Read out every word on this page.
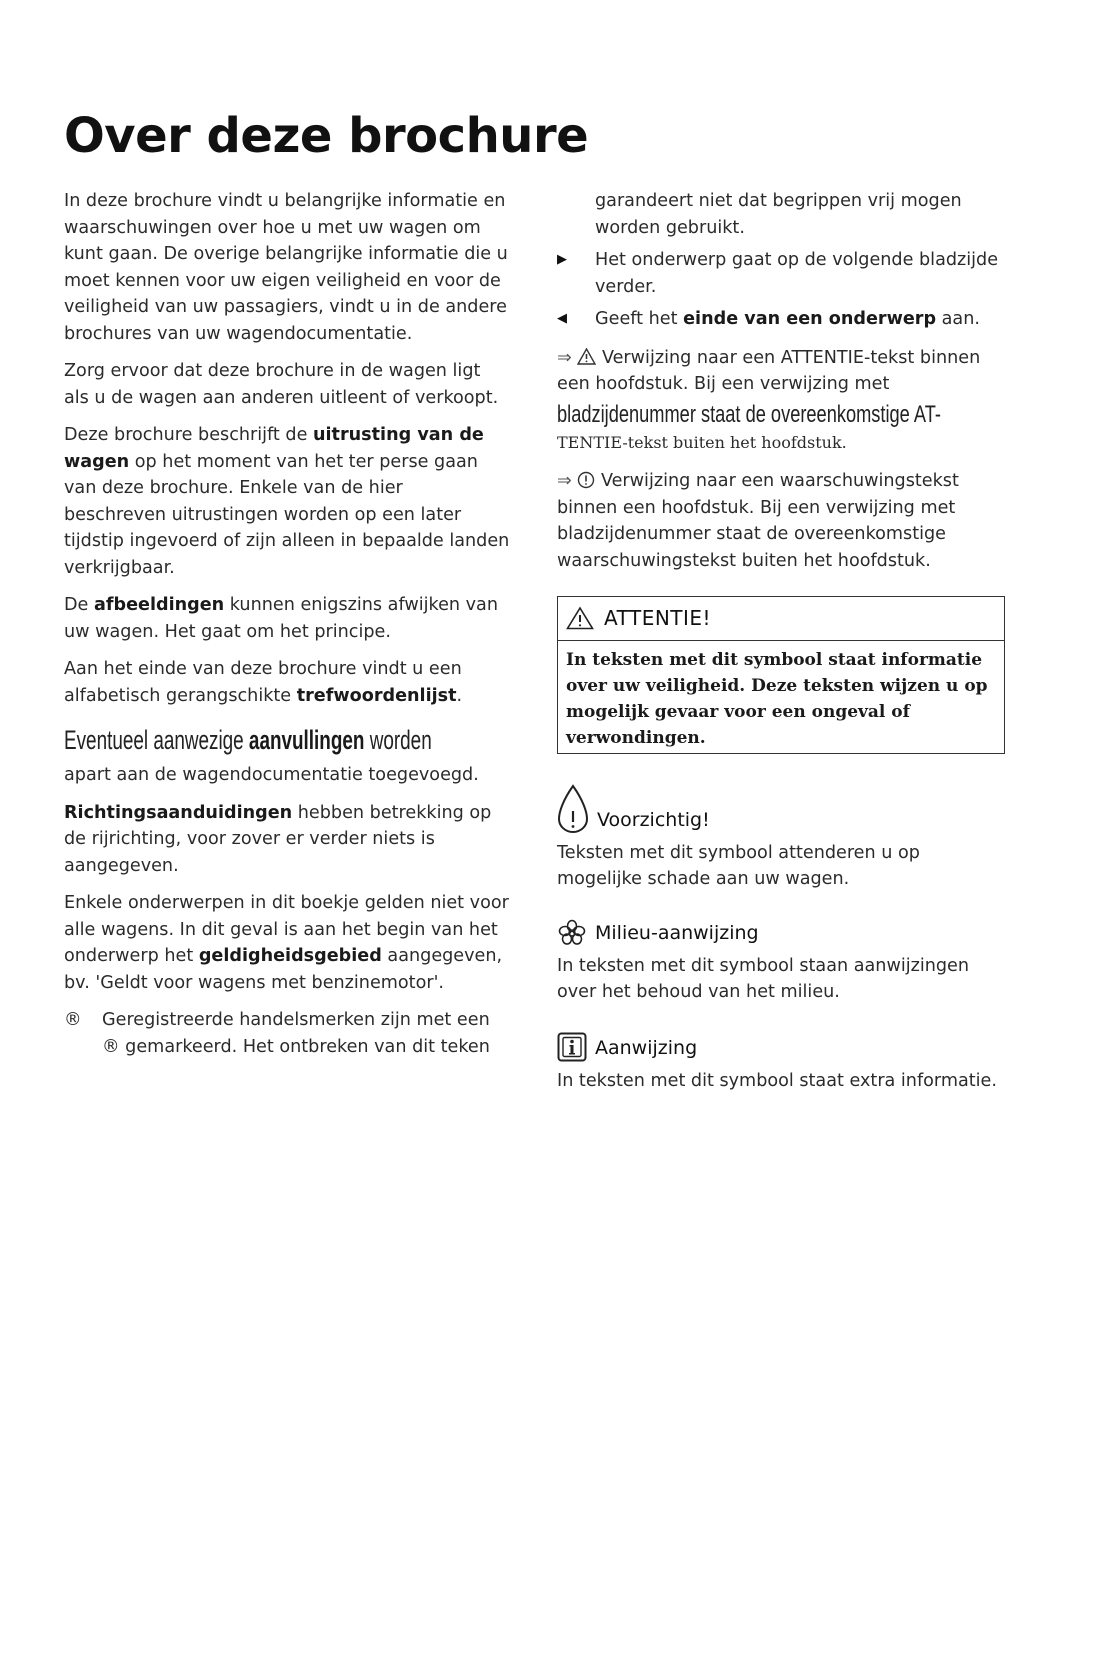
Over deze brochure

In deze brochure vindt u belangrijke informatie en waarschuwingen over hoe u met uw wagen om kunt gaan. De overige belangrijke informatie die u moet kennen voor uw eigen veiligheid en voor de veiligheid van uw passagiers, vindt u in de andere brochures van uw wagendocumentatie.

Zorg ervoor dat deze brochure in de wagen ligt als u de wagen aan anderen uitleent of verkoopt.

Deze brochure beschrijft de uitrusting van de wagen op het moment van het ter perse gaan van deze brochure. Enkele van de hier beschreven uitrustingen worden op een later tijdstip ingevoerd of zijn alleen in bepaalde landen verkrijgbaar.

De afbeeldingen kunnen enigszins afwijken van uw wagen. Het gaat om het principe.

Aan het einde van deze brochure vindt u een alfabetisch gerangschikte trefwoordenlijst.

Eventueel aanwezige aanvullingen worden

apart aan de wagendocumentatie toegevoegd.

Richtingsaanduidingen hebben betrekking op de rijrichting, voor zover er verder niets is aangegeven.

Enkele onderwerpen in dit boekje gelden niet voor alle wagens. In dit geval is aan het begin van het onderwerp het geldigheidsgebied aangegeven, bv. 'Geldt voor wagens met benzinemotor'.

®	Geregistreerde handelsmerken zijn met een ® gemarkeerd. Het ontbreken van dit teken
garandeert niet dat begrippen vrij mogen worden gebruikt.
▶	Het onderwerp gaat op de volgende bladzijde verder.
◀	Geeft het einde van een onderwerp aan.
⇒ Verwijzing naar een ATTENTIE-tekst binnen een hoofdstuk. Bij een verwijzing met
bladzijdenummer staat de overeenkomstige AT-
TENTIE-tekst buiten het hoofdstuk.
⇒ Verwijzing naar een waarschuwingstekst binnen een hoofdstuk. Bij een verwijzing met bladzijdenummer staat de overeenkomstige waarschuwingstekst buiten het hoofdstuk.
ATTENTIE!
In teksten met dit symbool staat informatie over uw veiligheid. Deze teksten wijzen u op mogelijk gevaar voor een ongeval of verwondingen.
Voorzichtig!
Teksten met dit symbool attenderen u op mogelijke schade aan uw wagen.
Milieu-aanwijzing
In teksten met dit symbool staan aanwijzingen over het behoud van het milieu.
Aanwijzing
In teksten met dit symbool staat extra informatie.
